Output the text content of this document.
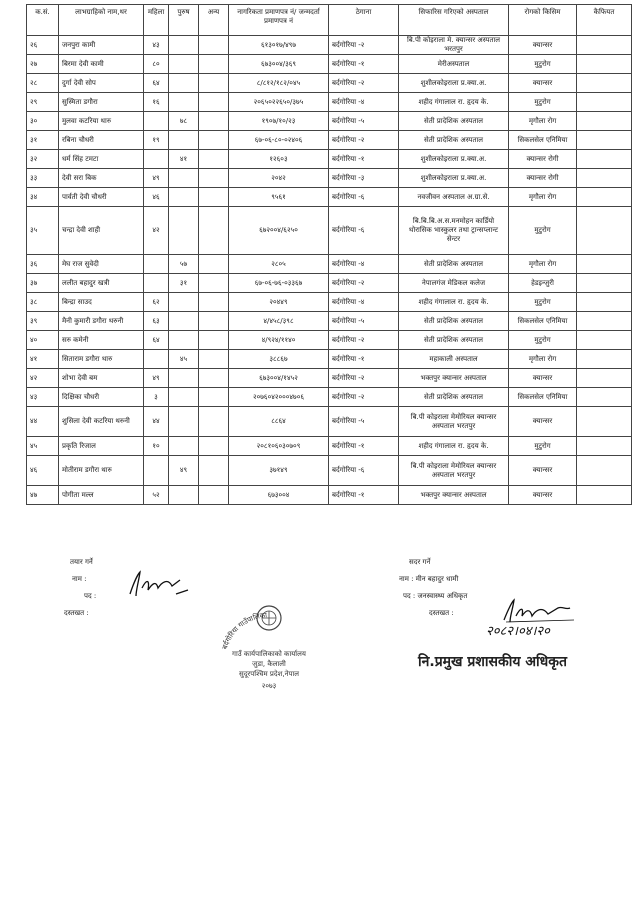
क.सं.	लाभग्राहिको नाम,थर	महिला	पुरुष	अन्य	नागरिकता प्रमाणपत्र नं/ जन्मदर्ता प्रमाणपत्र नं	ठेगाना	सिफारिस गरिएको अस्पताल	रोगको किसिम	कैफियत
२६	जनपुरा कामी	४३			६१३०१७/४९७	बर्दगोरिया -२	बि.पी कोइराला मे. क्यान्सर अस्पताल भरतपुर	क्यान्सर	
२७	बिरमा देवी कामी	८०			६७३००४/३६९	बर्दगोरिया -१	मेरीअस्पताल	मुटुरोग	
२८	दुर्गा देवी सोप	६४			८/८१२/१८२/०४५	बर्दगोरिया -२	शुशीलकोइराला प्र.क्या.अ.	क्यान्सर	
२९	सुस्मिता डगौरा	१६			२०६५०२२६५०/३७५	बर्दगोरिया -४	शहीद गंगालाल रा. हृदय के.	मुटुरोग	
३०	मुलवा कटरिया थारु		७८		१९०७/१०/२३	बर्दगोरिया -५	सेती प्रादेशिक अस्पताल	मृगौला रोग	
३१	रबिना चौधरी	१९			६७-०६-८०-०२४०६	बर्दगोरिया -२	सेती प्रादेशिक अस्पताल	सिकलसेल एनिमिया	
३२	धर्म सिंह टमटा		४१		१२६०३	बर्दगोरिया -१	शुशीलकोइराला प्र.क्या.अ.	क्यान्सर रोगी	
३३	देवी सरा बिक	४९			२०४२	बर्दगोरिया -३	शुशीलकोइराला प्र.क्या.अ.	क्यान्सर रोगी	
३४	पार्वती देवी चौधरी	४६			९५६१	बर्दगोरिया -६	नवजीवन अस्पताल अ.ग्रा.से.	मृगौला रोग	
३५	चन्द्रा देवी शाही	४२			६७२००४/६२५०	बर्दगोरिया -६	बि.बि.बि.अ.स.मनमोहन कार्डियो थोरासिक भास्कुलर तथा ट्रान्सप्लान्ट सेन्टर	मुटुरोग	
३६	मेघ राज सुवेदी		५७		२८०५	बर्दगोरिया -४	सेती प्रादेशिक अस्पताल	मृगौला रोग	
३७	ललीत बहादुर खत्री		३१		६७-०६-७६-०३३६७	बर्दगोरिया -२	नेपालगंज मेडिकल कलेज	हेडइन्जुरी	
३८	बिन्द्रा साउद	६२			२०४४९	बर्दगोरिया -४	शहीद गंगालाल रा. हृदय के.	मुटुरोग	
३९	मैनी कुमारी डगौरा थरुनी	६३			४/४५८/३९८	बर्दगोरिया -५	सेती प्रादेशिक अस्पताल	सिकलसेल एनिमिया	
४०	सरु कमेनी	६४			४/९२४/११४०	बर्दगोरिया -२	सेती प्रादेशिक अस्पताल	मुटुरोग	
४१	सिताराम डगौरा थारु		४५		३८८६७	बर्दगोरिया -१	महाकाली अस्पताल	मृगौला रोग	
४२	शोभा देवी बम	४९			६७३००४/१४५२	बर्दगोरिया -२	भक्तपुर क्यान्सर अस्पताल	क्यान्सर	
४३	दिक्षिका चौधरी	३			२०७६०४२०००४७०६	बर्दगोरिया -२	सेती प्रादेशिक अस्पताल	सिकलसेल एनिमिया	
४४	शुसिला देवी कटरिया थरुनी	४४			८८६४	बर्दगोरिया -५	बि.पी कोइराला मेमोरियल क्यान्सर अस्पताल भरतपुर	क्यान्सर	
४५	प्रकृति रिजाल	१०			२०८१०६०३०७०९	बर्दगोरिया -१	शहीद गंगालाल रा. हृदय के.	मुटुरोग	
४६	मोतीराम डगौरा थारु		४९		३७१४९	बर्दगोरिया -६	बि.पी कोइराला मेमोरियल क्यान्सर अस्पताल भरतपुर	क्यान्सर	
४७	पोगीता मल्ल	५२			६७३००४	बर्दगोरिया -१	भक्तपुर क्यान्सर अस्पताल	क्यान्सर	
तयार गर्ने
नाम :
पद :
दस्तखत :
सदर गर्ने
नाम : मीन बहादुर धामी
पद : जनस्वास्थ्य अधिकृत
दस्तखत :
२०८२।०४।२०
नि.प्रमुख प्रशासकीय अधिकृत
बर्दगोरिया गाउँपालिका
गाउँ कार्यपालिकाको कार्यालय
जुडा, कैलाली
सुदूरपश्चिम प्रदेश,नेपाल
२०७३
